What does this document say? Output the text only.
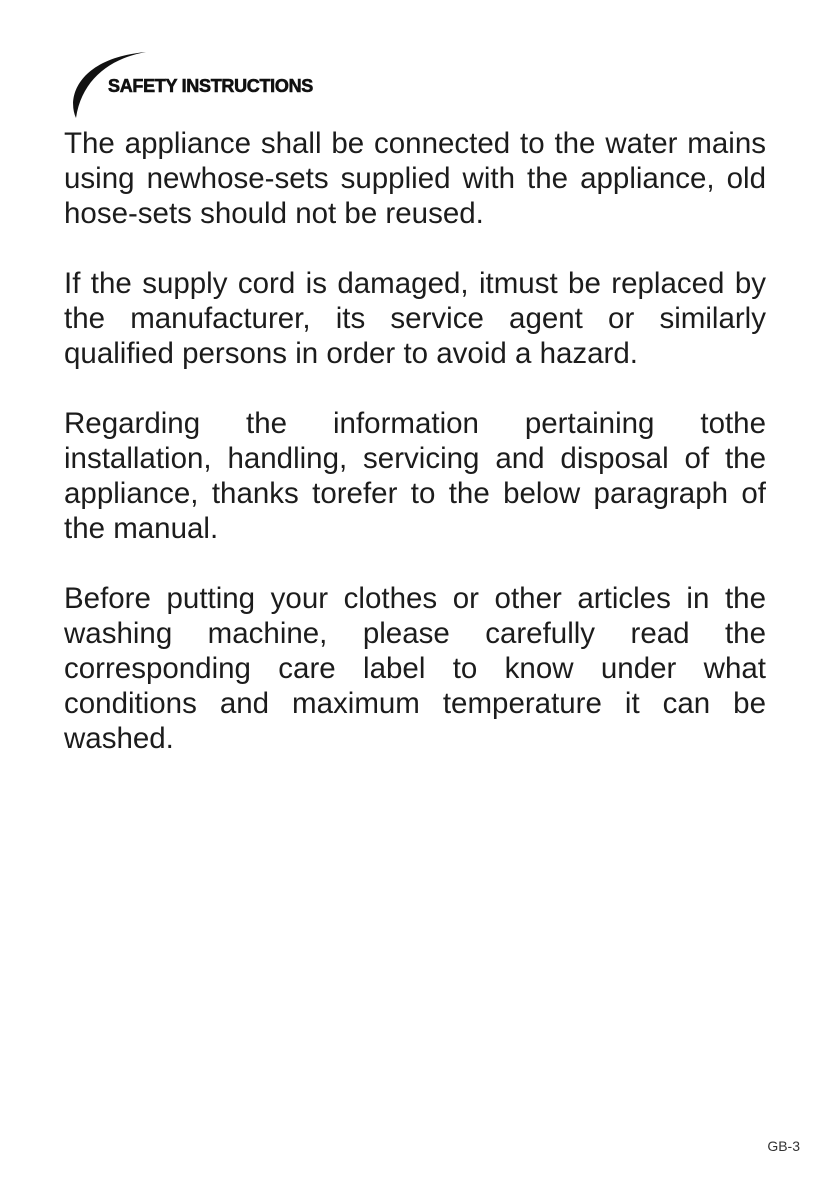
SAFETY INSTRUCTIONS

The appliance shall be connected to the water mains using newhose-sets supplied with the appliance, old hose-sets should not be reused.

If the supply cord is damaged, itmust be replaced by the manufacturer, its service agent or similarly qualified persons in order to avoid a hazard.

Regarding the information pertaining tothe installation, handling, servicing and disposal of the appliance, thanks torefer to the below paragraph of the manual.

Before putting your clothes or other articles in the washing machine, please carefully read the corresponding care label to know under what conditions and maximum temperature it can be washed.

GB-3
